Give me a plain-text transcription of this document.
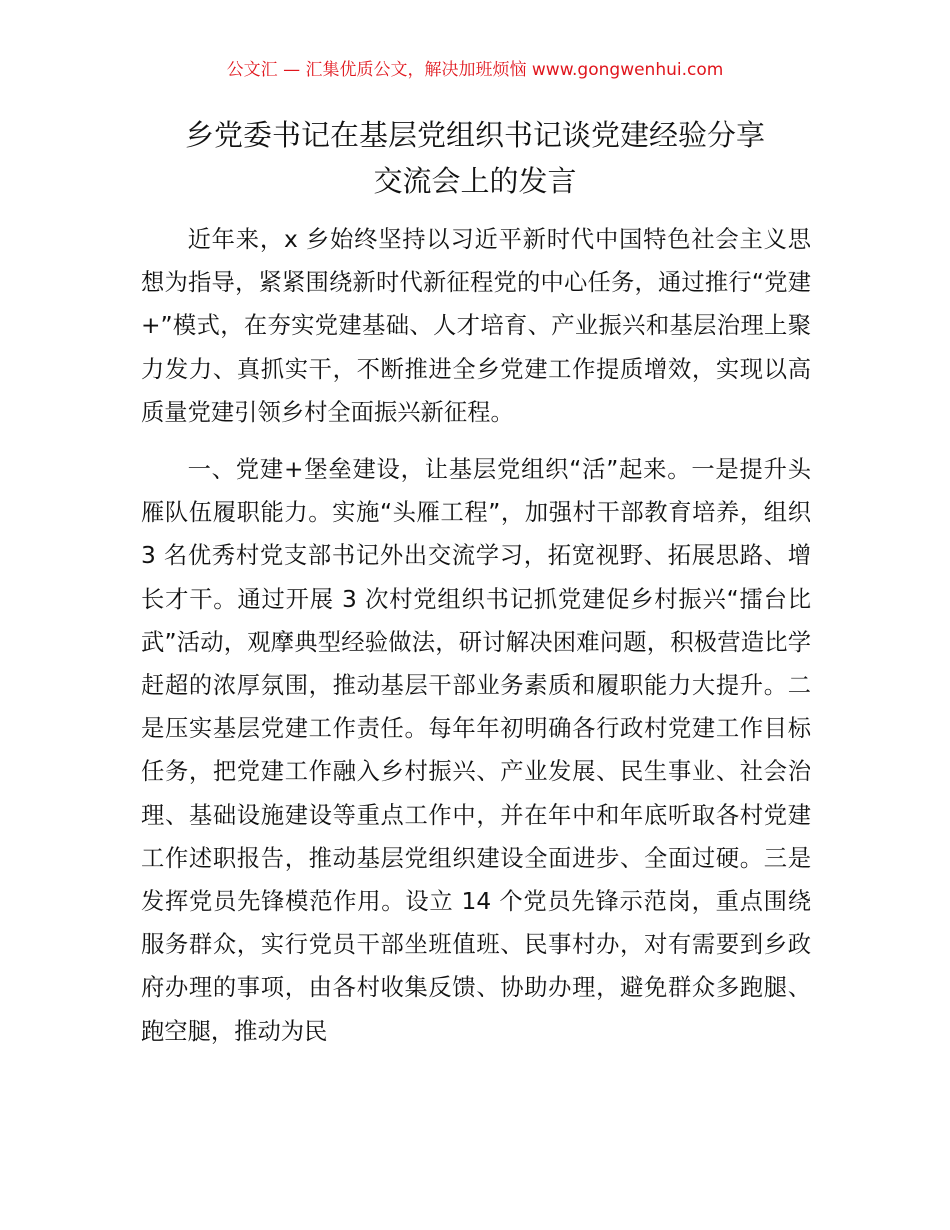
公文汇 — 汇集优质公文，解决加班烦恼 www.gongwenhui.com
乡党委书记在基层党组织书记谈党建经验分享
交流会上的发言

近年来，x 乡始终坚持以习近平新时代中国特色社会主义思想为指导，紧紧围绕新时代新征程党的中心任务，通过推行“党建+”模式，在夯实党建基础、人才培育、产业振兴和基层治理上聚力发力、真抓实干，不断推进全乡党建工作提质增效，实现以高质量党建引领乡村全面振兴新征程。

一、党建+堡垒建设，让基层党组织“活”起来。一是提升头雁队伍履职能力。实施“头雁工程”，加强村干部教育培养，组织 3 名优秀村党支部书记外出交流学习，拓宽视野、拓展思路、增长才干。通过开展 3 次村党组织书记抓党建促乡村振兴“擂台比武”活动，观摩典型经验做法，研讨解决困难问题，积极营造比学赶超的浓厚氛围，推动基层干部业务素质和履职能力大提升。二是压实基层党建工作责任。每年年初明确各行政村党建工作目标任务，把党建工作融入乡村振兴、产业发展、民生事业、社会治理、基础设施建设等重点工作中，并在年中和年底听取各村党建工作述职报告，推动基层党组织建设全面进步、全面过硬。三是发挥党员先锋模范作用。设立 14 个党员先锋示范岗，重点围绕服务群众，实行党员干部坐班值班、民事村办，对有需要到乡政府办理的事项，由各村收集反馈、协助办理，避免群众多跑腿、跑空腿，推动为民
